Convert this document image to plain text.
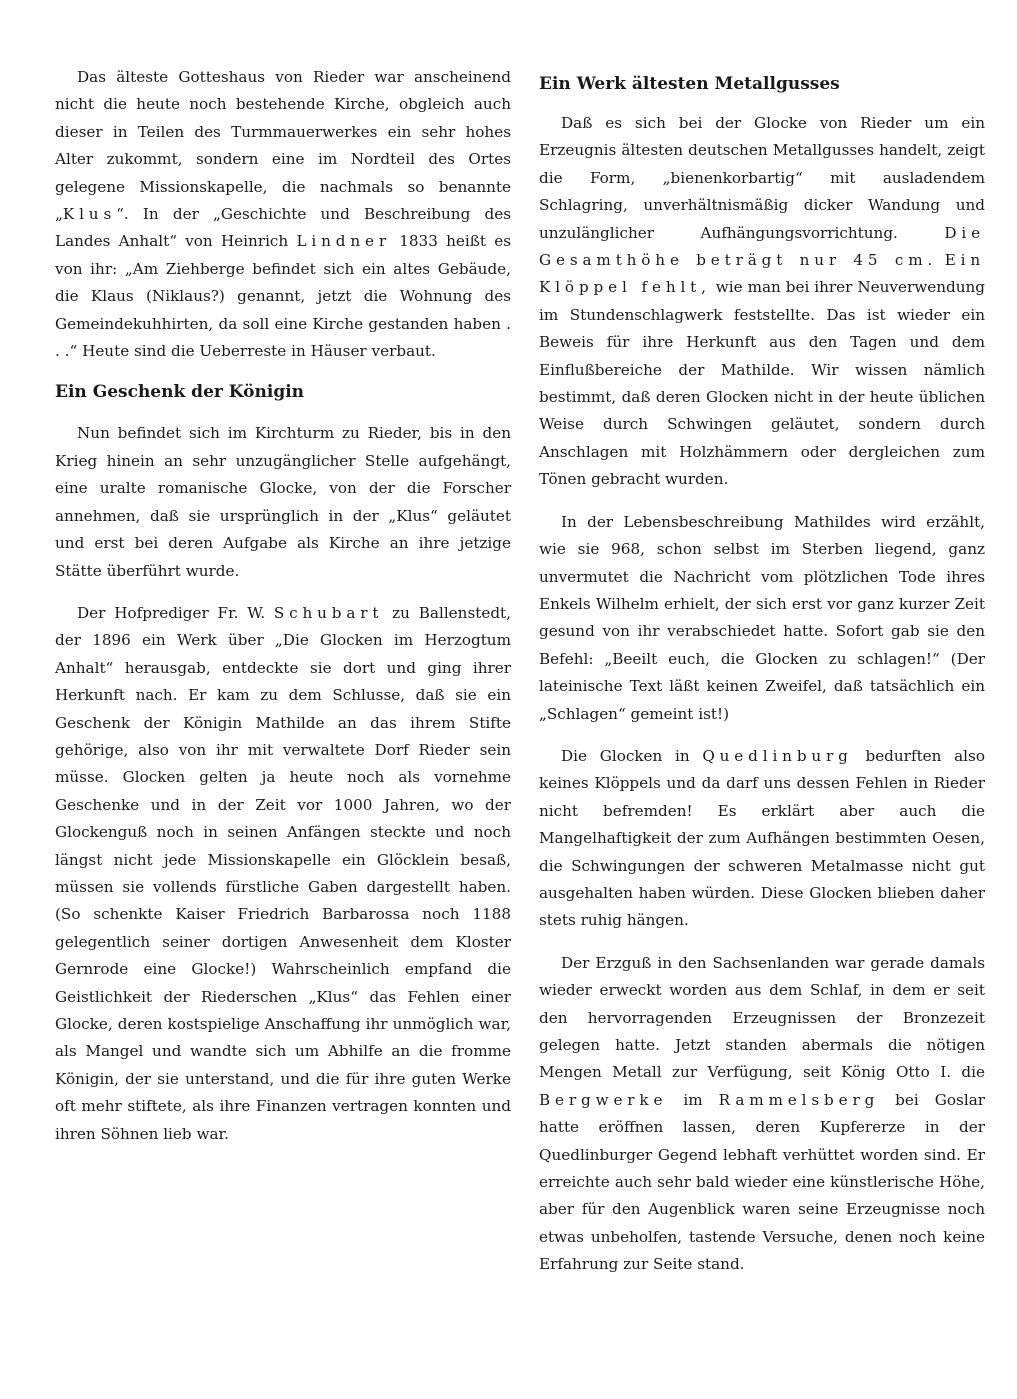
Das älteste Gotteshaus von Rieder war anscheinend nicht die heute noch bestehende Kirche, obgleich auch dieser in Teilen des Turmmauerwerkes ein sehr hohes Alter zukommt, sondern eine im Nordteil des Ortes gelegene Missionskapelle, die nachmals so benannte „Klus“. In der „Geschichte und Beschreibung des Landes Anhalt“ von Heinrich Lindner 1833 heißt es von ihr: „Am Ziehberge befindet sich ein altes Gebäude, die Klaus (Niklaus?) genannt, jetzt die Wohnung des Gemeindekuhhirten, da soll eine Kirche gestanden haben . . .“ Heute sind die Ueberreste in Häuser verbaut.

Ein Geschenk der Königin

Nun befindet sich im Kirchturm zu Rieder, bis in den Krieg hinein an sehr unzugänglicher Stelle aufgehängt, eine uralte romanische Glocke, von der die Forscher annehmen, daß sie ursprünglich in der „Klus“ geläutet und erst bei deren Aufgabe als Kirche an ihre jetzige Stätte überführt wurde.

Der Hofprediger Fr. W. Schubart zu Ballenstedt, der 1896 ein Werk über „Die Glocken im Herzogtum Anhalt“ herausgab, entdeckte sie dort und ging ihrer Herkunft nach. Er kam zu dem Schlusse, daß sie ein Geschenk der Königin Mathilde an das ihrem Stifte gehörige, also von ihr mit verwaltete Dorf Rieder sein müsse. Glocken gelten ja heute noch als vornehme Geschenke und in der Zeit vor 1000 Jahren, wo der Glockenguß noch in seinen Anfängen steckte und noch längst nicht jede Missionskapelle ein Glöcklein besaß, müssen sie vollends fürstliche Gaben dargestellt haben. (So schenkte Kaiser Friedrich Barbarossa noch 1188 gelegentlich seiner dortigen Anwesenheit dem Kloster Gernrode eine Glocke!) Wahrscheinlich empfand die Geistlichkeit der Riederschen „Klus“ das Fehlen einer Glocke, deren kostspielige Anschaffung ihr unmöglich war, als Mangel und wandte sich um Abhilfe an die fromme Königin, der sie unterstand, und die für ihre guten Werke oft mehr stiftete, als ihre Finanzen vertragen konnten und ihren Söhnen lieb war.

Ein Werk ältesten Metallgusses

Daß es sich bei der Glocke von Rieder um ein Erzeugnis ältesten deutschen Metallgusses handelt, zeigt die Form, „bienenkorbartig“ mit ausladendem Schlagring, unverhältnismäßig dicker Wandung und unzulänglicher Aufhängungsvorrichtung. Die Gesamthöhe beträgt nur 45 cm. Ein Klöppel fehlt, wie man bei ihrer Neuverwendung im Stundenschlagwerk feststellte. Das ist wieder ein Beweis für ihre Herkunft aus den Tagen und dem Einflußbereiche der Mathilde. Wir wissen nämlich bestimmt, daß deren Glocken nicht in der heute üblichen Weise durch Schwingen geläutet, sondern durch Anschlagen mit Holzhämmern oder dergleichen zum Tönen gebracht wurden.

In der Lebensbeschreibung Mathildes wird erzählt, wie sie 968, schon selbst im Sterben liegend, ganz unvermutet die Nachricht vom plötzlichen Tode ihres Enkels Wilhelm erhielt, der sich erst vor ganz kurzer Zeit gesund von ihr verabschiedet hatte. Sofort gab sie den Befehl: „Beeilt euch, die Glocken zu schlagen!“ (Der lateinische Text läßt keinen Zweifel, daß tatsächlich ein „Schlagen“ gemeint ist!)

Die Glocken in Quedlinburg bedurften also keines Klöppels und da darf uns dessen Fehlen in Rieder nicht befremden! Es erklärt aber auch die Mangelhaftigkeit der zum Aufhängen bestimmten Oesen, die Schwingungen der schweren Metalmasse nicht gut ausgehalten haben würden. Diese Glocken blieben daher stets ruhig hängen.

Der Erzguß in den Sachsenlanden war gerade damals wieder erweckt worden aus dem Schlaf, in dem er seit den hervorragenden Erzeugnissen der Bronzezeit gelegen hatte. Jetzt standen abermals die nötigen Mengen Metall zur Verfügung, seit König Otto I. die Bergwerke im Rammelsberg bei Goslar hatte eröffnen lassen, deren Kupfererze in der Quedlinburger Gegend lebhaft verhüttet worden sind. Er erreichte auch sehr bald wieder eine künstlerische Höhe, aber für den Augenblick waren seine Erzeugnisse noch etwas unbeholfen, tastende Versuche, denen noch keine Erfahrung zur Seite stand.
